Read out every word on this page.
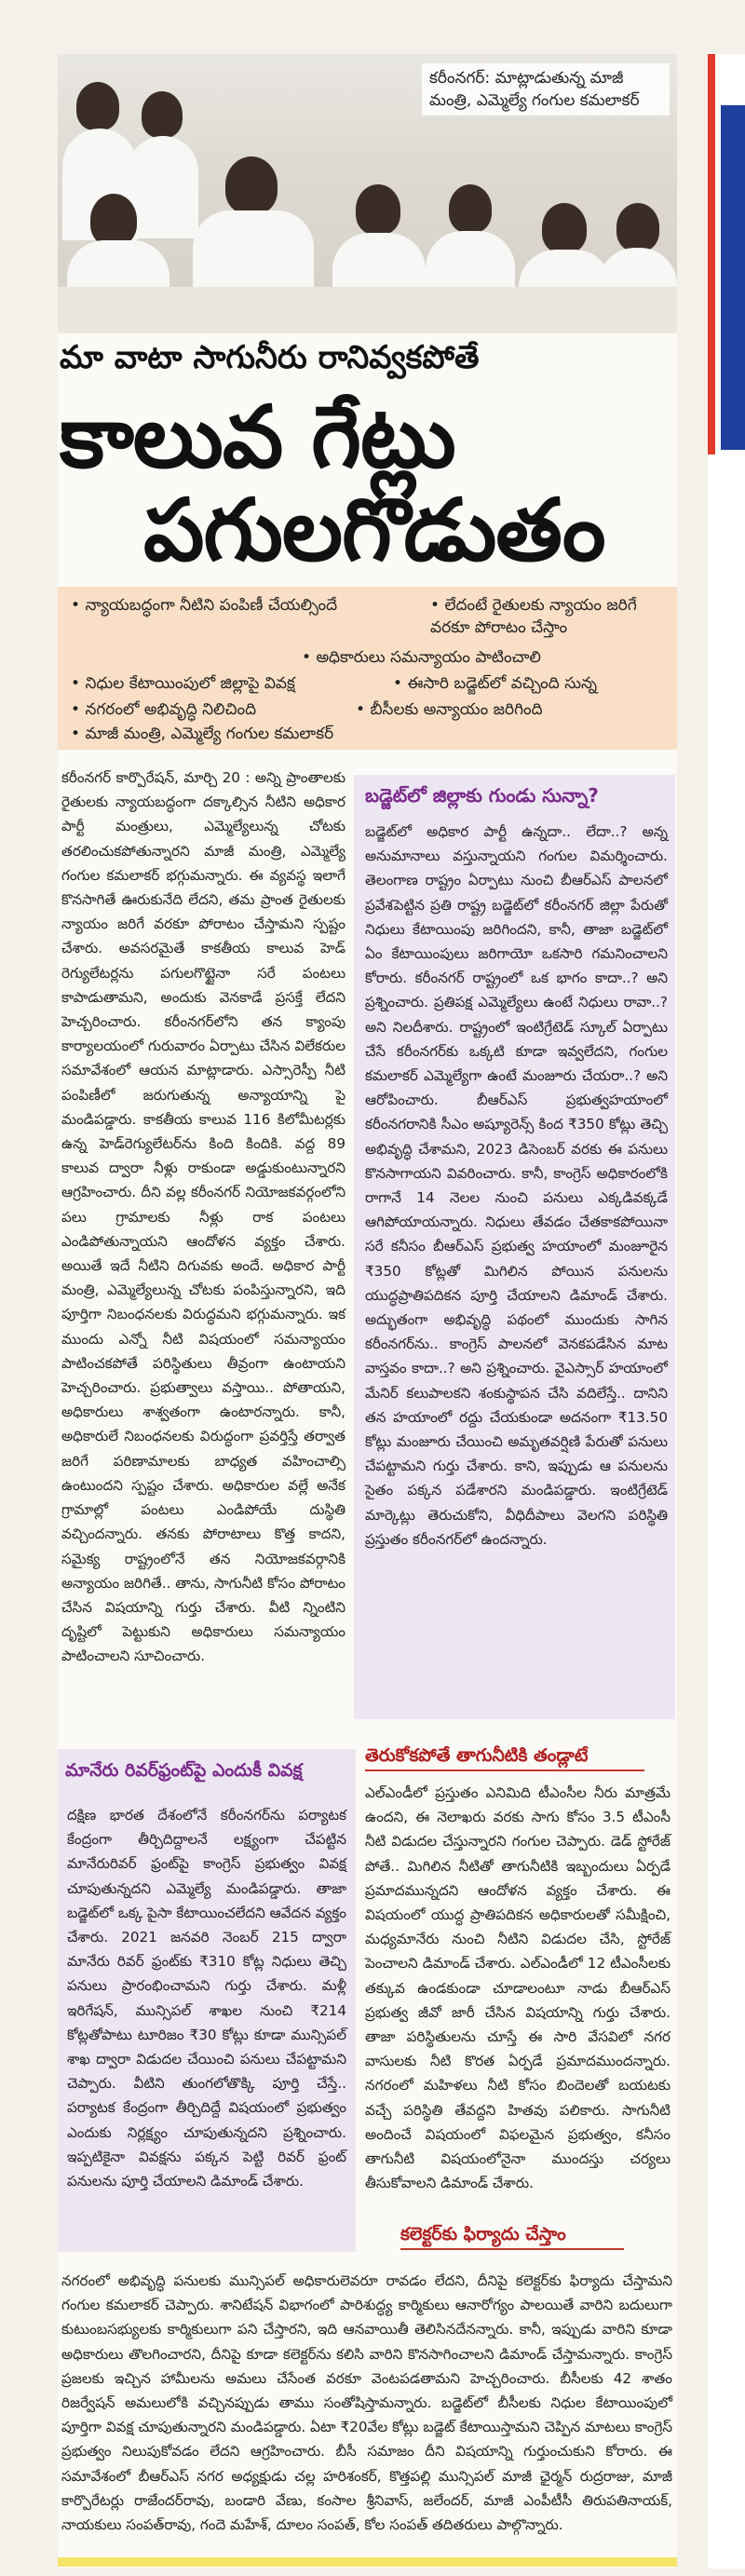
కరీంనగర్: మాట్లాడుతున్న మాజీ మంత్రి, ఎమ్మెల్యే గంగుల కమలాకర్
మా వాటా సాగునీరు రానివ్వకపోతే
కాలువ గేట్లు
పగులగొడుతం
• న్యాయబద్ధంగా నీటిని పంపిణీ చేయల్సిందే	• లేదంటే రైతులకు న్యాయం జరిగే వరకూ పోరాటం చేస్తాం
• అధికారులు సమన్యాయం పాటించాలి
• నిధుల కేటాయింపులో జిల్లాపై వివక్ష	• ఈసారి బడ్జెట్‌లో వచ్చింది సున్న
• నగరంలో అభివృద్ధి నిలిచింది	• బీసీలకు అన్యాయం జరిగింది
• మాజీ మంత్రి, ఎమ్మెల్యే గంగుల కమలాకర్
కరీంనగర్ కార్పొరేషన్, మార్చి 20 : అన్ని ప్రాంతాలకు రైతులకు న్యాయబద్ధంగా దక్కాల్సిన నీటిని అధికార పార్టీ మంత్రులు, ఎమ్మెల్యేలున్న చోటకు తరలించుకపోతున్నారని మాజీ మంత్రి, ఎమ్మెల్యే గంగుల కమలాకర్ భగ్గుమన్నారు. ఈ వ్యవస్థ ఇలాగే కొనసాగితే ఊరుకునేది లేదని, తమ ప్రాంత రైతులకు న్యాయం జరిగే వరకూ పోరాటం చేస్తామని స్పష్టం చేశారు. అవసరమైతే కాకతీయ కాలువ హెడ్ రెగ్యులేటర్లను పగులగొట్టైనా సరే పంటలు కాపాడుతామని, అందుకు వెనకాడే ప్రసక్తే లేదని హెచ్చరించారు. కరీంనగర్‌లోని తన క్యాంపు కార్యాలయంలో గురువారం ఏర్పాటు చేసిన విలేకరుల సమావేశంలో ఆయన మాట్లాడారు. ఎస్సారెస్పీ నీటి పంపిణీలో జరుగుతున్న అన్యాయాన్ని పై మండిపడ్డారు. కాకతీయ కాలువ 116 కిలోమీటర్లకు ఉన్న హెడ్‌రెగ్యులేటర్‌ను కింది కిందికి. వద్ద 89 కాలువ ద్వారా నీళ్లు రాకుండా అడ్డుకుంటున్నారని ఆగ్రహించారు. దీని వల్ల కరీంనగర్ నియోజకవర్గంలోని పలు గ్రామాలకు నీళ్లు రాక పంటలు ఎండిపోతున్నాయని ఆందోళన వ్యక్తం చేశారు. అయితే ఇదే నీటిని దిగువకు అందే. అధికార పార్టీ మంత్రి, ఎమ్మెల్యేలున్న చోటకు పంపిస్తున్నారని, ఇది పూర్తిగా నిబంధనలకు విరుద్ధమని భగ్గుమన్నారు. ఇక ముందు ఎన్నో నీటి విషయంలో సమన్యాయం పాటించకపోతే పరిస్థితులు తీవ్రంగా ఉంటాయని హెచ్చరించారు. ప్రభుత్వాలు వస్తాయి.. పోతాయని, అధికారులు శాశ్వతంగా ఉంటారన్నారు. కానీ, అధికారులే నిబంధనలకు విరుద్ధంగా ప్రవర్తిస్తే తర్వాత జరిగే పరిణామాలకు బాధ్యత వహించాల్సి ఉంటుందని స్పష్టం చేశారు. అధికారుల వల్లే అనేక గ్రామాల్లో పంటలు ఎండిపోయే దుస్థితి వచ్చిందన్నారు. తనకు పోరాటాలు కొత్త కాదని, సమైక్య రాష్ట్రంలోనే తన నియోజకవర్గానికి అన్యాయం జరిగితే.. తాను, సాగునీటి కోసం పోరాటం చేసిన విషయాన్ని గుర్తు చేశారు. వీటి న్నింటిని దృష్టిలో పెట్టుకుని అధికారులు సమన్యాయం పాటించాలని సూచించారు.
బడ్జెట్‌లో జిల్లాకు గుండు సున్నా?
బడ్జెట్‌లో అధికార పార్టీ ఉన్నదా.. లేదా..? అన్న అనుమానాలు వస్తున్నాయని గంగుల విమర్శించారు. తెలంగాణ రాష్ట్రం ఏర్పాటు నుంచి బీఆర్ఎస్ పాలనలో ప్రవేశపెట్టిన ప్రతి రాష్ట్ర బడ్జెట్‌లో కరీంనగర్ జిల్లా పేరుతో నిధులు కేటాయింపు జరిగిందని, కానీ, తాజా బడ్జెట్‌లో ఏం కేటాయింపులు జరిగాయో ఒకసారి గమనించాలని కోరారు. కరీంనగర్ రాష్ట్రంలో ఒక భాగం కాదా..? అని ప్రశ్నించారు. ప్రతిపక్ష ఎమ్మెల్యేలు ఉంటే నిధులు రావా..? అని నిలదీశారు. రాష్ట్రంలో ఇంటిగ్రేటెడ్ స్కూల్ ఏర్పాటు చేసే కరీంనగర్‌కు ఒక్కటి కూడా ఇవ్వలేదని, గంగుల కమలాకర్ ఎమ్మెల్యేగా ఉంటే మంజూరు చేయరా..? అని ఆరోపించారు. బీఆర్ఎస్ ప్రభుత్వహయాంలో కరీంనగరానికి సీఎం అష్యూరెన్స్ కింద ₹350 కోట్లు తెచ్చి అభివృద్ధి చేశామని, 2023 డిసెంబర్ వరకు ఈ పనులు కొనసాగాయని వివరించారు. కానీ, కాంగ్రెస్ అధికారంలోకి రాగానే 14 నెలల నుంచి పనులు ఎక్కడివక్కడే ఆగిపోయాయన్నారు. నిధులు తేవడం చేతకాకపోయినా సరే కనీసం బీఆర్ఎస్ ప్రభుత్వ హయాంలో మంజూరైన ₹350 కోట్లతో మిగిలిన పోయిన పనులను యుద్ధప్రాతిపదికన పూర్తి చేయాలని డిమాండ్ చేశారు. అద్భుతంగా అభివృద్ధి పథంలో ముందుకు సాగిన కరీంనగర్‌ను.. కాంగ్రెస్ పాలనలో వెనకపడేసిన మాట వాస్తవం కాదా..? అని ప్రశ్నించారు. వైఎస్సార్ హయాంలో మేనిర్ కలుపాలకని శంకుస్థాపన చేసి వదిలేస్తే.. దానిని తన హయాంలో రద్దు చేయకుండా అదనంగా ₹13.50 కోట్లు మంజూరు చేయించి అమృతవర్షిణి పేరుతో పనులు చేపట్టామని గుర్తు చేశారు. కాని, ఇప్పుడు ఆ పనులను సైతం పక్కన పడేశారని మండిపడ్డారు. ఇంటిగ్రేటెడ్ మార్కెట్లు తెరుచుకోని, వీధిదీపాలు వెలగని పరిస్థితి ప్రస్తుతం కరీంనగర్‌లో ఉందన్నారు.
మానేరు రివర్‌ఫ్రంట్‌పై ఎందుకీ వివక్ష
దక్షిణ భారత దేశంలోనే కరీంనగర్‌ను పర్యాటక కేంద్రంగా తీర్చిదిద్దాలనే లక్ష్యంగా చేపట్టిన మానేరురివర్ ఫ్రంట్‌పై కాంగ్రెస్ ప్రభుత్వం వివక్ష చూపుతున్నదని ఎమ్మెల్యే మండిపడ్డారు. తాజా బడ్జెట్‌లో ఒక్క పైసా కేటాయించలేదని ఆవేదన వ్యక్తం చేశారు. 2021 జనవరి నెంబర్ 215 ద్వారా మానేరు రివర్ ఫ్రంట్‌కు ₹310 కోట్ల నిధులు తెచ్చి పనులు ప్రారంభించామని గుర్తు చేశారు. మళ్లీ ఇరిగేషన్, మున్సిపల్ శాఖల నుంచి ₹214 కోట్లతోపాటు టూరిజం ₹30 కోట్లు కూడా మున్సిపల్ శాఖ ద్వారా విడుదల చేయించి పనులు చేపట్టామని చెప్పారు. వీటిని తుంగలోతొక్కి పూర్తి చేస్తే.. పర్యాటక కేంద్రంగా తీర్చిదిద్దే విషయంలో ప్రభుత్వం ఎందుకు నిర్లక్ష్యం చూపుతున్నదని ప్రశ్నించారు. ఇప్పటికైనా వివక్షను పక్కన పెట్టి రివర్ ఫ్రంట్ పనులను పూర్తి చేయాలని డిమాండ్ చేశారు.
తెరుకోకపోతే తాగునీటికి తండ్లాటే
ఎల్ఎండీలో ప్రస్తుతం ఎనిమిది టీఎంసీల నీరు మాత్రమే ఉందని, ఈ నెలాఖరు వరకు సాగు కోసం 3.5 టీఎంసీ నీటి విడుదల చేస్తున్నారని గంగుల చెప్పారు. డెడ్ స్టోరేజ్ పోతే.. మిగిలిన నీటితో తాగునీటికి ఇబ్బందులు ఏర్పడే ప్రమాదమున్నదని ఆందోళన వ్యక్తం చేశారు. ఈ విషయంలో యుద్ధ ప్రాతిపదికన అధికారులతో సమీక్షించి, మధ్యమానేరు నుంచి నీటిని విడుదల చేసి, స్టోరేజ్ పెంచాలని డిమాండ్ చేశారు. ఎల్ఎండీలో 12 టీఎంసీలకు తక్కువ ఉండకుండా చూడాలంటూ నాడు బీఆర్ఎస్ ప్రభుత్వ జీవో జారీ చేసిన విషయాన్ని గుర్తు చేశారు. తాజా పరిస్థితులను చూస్తే ఈ సారి వేసవిలో నగర వాసులకు నీటి కొరత ఏర్పడే ప్రమాదముందన్నారు. నగరంలో మహిళలు నీటి కోసం బిందెలతో బయటకు వచ్చే పరిస్థితి తేవద్దని హితవు పలికారు. సాగునీటి అందించే విషయంలో విఫలమైన ప్రభుత్వం, కనీసం తాగునీటి విషయంలోనైనా ముందస్తు చర్యలు తీసుకోవాలని డిమాండ్ చేశారు.
కలెక్టర్‌కు ఫిర్యాదు చేస్తాం
నగరంలో అభివృద్ధి పనులకు మున్సిపల్ అధికారులెవరూ రావడం లేదని, దీనిపై కలెక్టర్‌కు ఫిర్యాదు చేస్తామని గంగుల కమలాకర్ చెప్పారు. శానిటేషన్ విభాగంలో పారిశుద్ధ్య కార్మికులు ఆనారోగ్యం పాలయితే వారిని బదులుగా కుటుంబసభ్యులకు కార్మికులుగా పని చేస్తారని, ఇది ఆనవాయితీ తెలిసినదేనన్నారు. కానీ, ఇప్పుడు వారిని కూడా అధికారులు తొలగించారని, దీనిపై కూడా కలెక్టర్‌ను కలిసి వారిని కొనసాగించాలని డిమాండ్ చేస్తామన్నారు. కాంగ్రెస్ ప్రజలకు ఇచ్చిన హామీలను అమలు చేసేంత వరకూ వెంటపడతామని హెచ్చరించారు. బీసీలకు 42 శాతం రిజర్వేషన్ అమలులోకి వచ్చినప్పుడు తాము సంతోషిస్తామన్నారు. బడ్జెట్‌లో బీసీలకు నిధుల కేటాయింపులో పూర్తిగా వివక్ష చూపుతున్నారని మండిపడ్డారు. ఏటా ₹20వేల కోట్లు బడ్జెట్ కేటాయిస్తామని చెప్పిన మాటలు కాంగ్రెస్ ప్రభుత్వం నిలుపుకోవడం లేదని ఆగ్రహించారు. బీసీ సమాజం దీని విషయాన్ని గుర్తుంచుకుని కోరారు. ఈ సమావేశంలో బీఆర్ఎస్ నగర అధ్యక్షుడు చల్ల హరిశంకర్, కొత్తపల్లి మున్సిపల్ మాజీ ఛైర్మన్ రుద్రరాజు, మాజీ కార్పొరేటర్లు రాజేందర్‌రావు, బండారి వేణు, కంసాల శ్రీనివాస్, జలేందర్, మాజీ ఎంపీటీసీ తిరుపతినాయక్, నాయకులు సంపత్‌రావు, గందె మహేశ్, దూలం సంపత్, కోల సంపత్ తదితరులు పాల్గొన్నారు.
